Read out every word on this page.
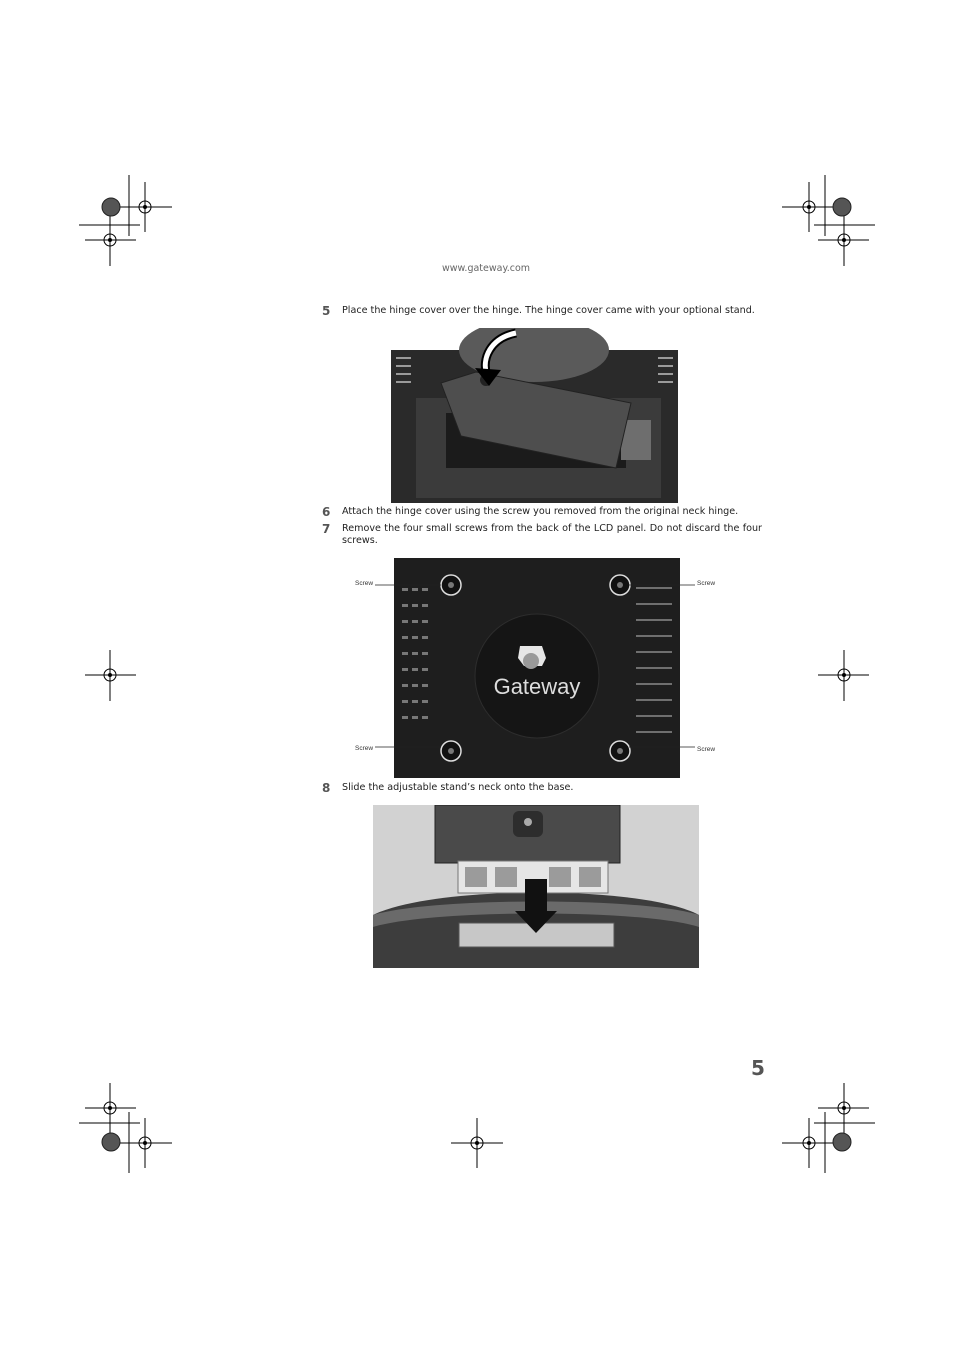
www.gateway.com
5 Place the hinge cover over the hinge. The hinge cover came with your optional stand.
6 Attach the hinge cover using the screw you removed from the original neck hinge.
7 Remove the four small screws from the back of the LCD panel. Do not discard the four screws.
Gateway
Screw	Screw
Screw	Screw
8 Slide the adjustable stand’s neck onto the base.
5
